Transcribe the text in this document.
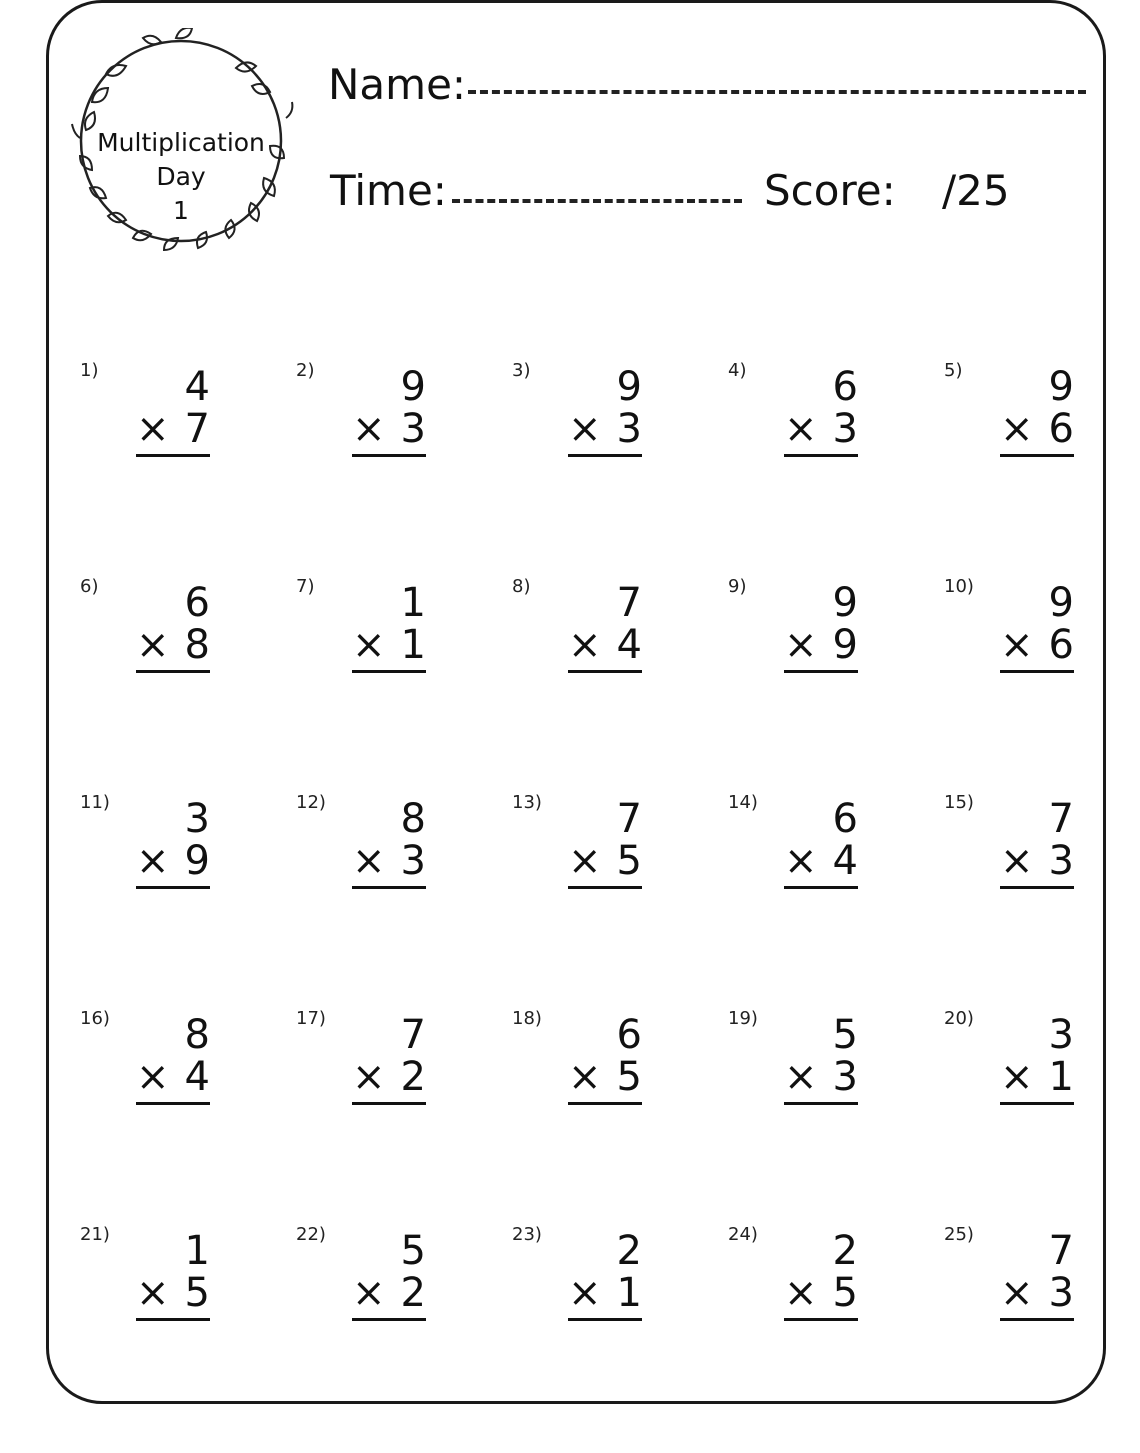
Multiplication
Day
1
Name:
Time:	Score: /25
1) 4
× 7
2) 9
× 3
3) 9
× 3
4) 6
× 3
5) 9
× 6
6) 6
× 8
7) 1
× 1
8) 7
× 4
9) 9
× 9
10) 9
× 6
11) 3
× 9
12) 8
× 3
13) 7
× 5
14) 6
× 4
15) 7
× 3
16) 8
× 4
17) 7
× 2
18) 6
× 5
19) 5
× 3
20) 3
× 1
21) 1
× 5
22) 5
× 2
23) 2
× 1
24) 2
× 5
25) 7
× 3
